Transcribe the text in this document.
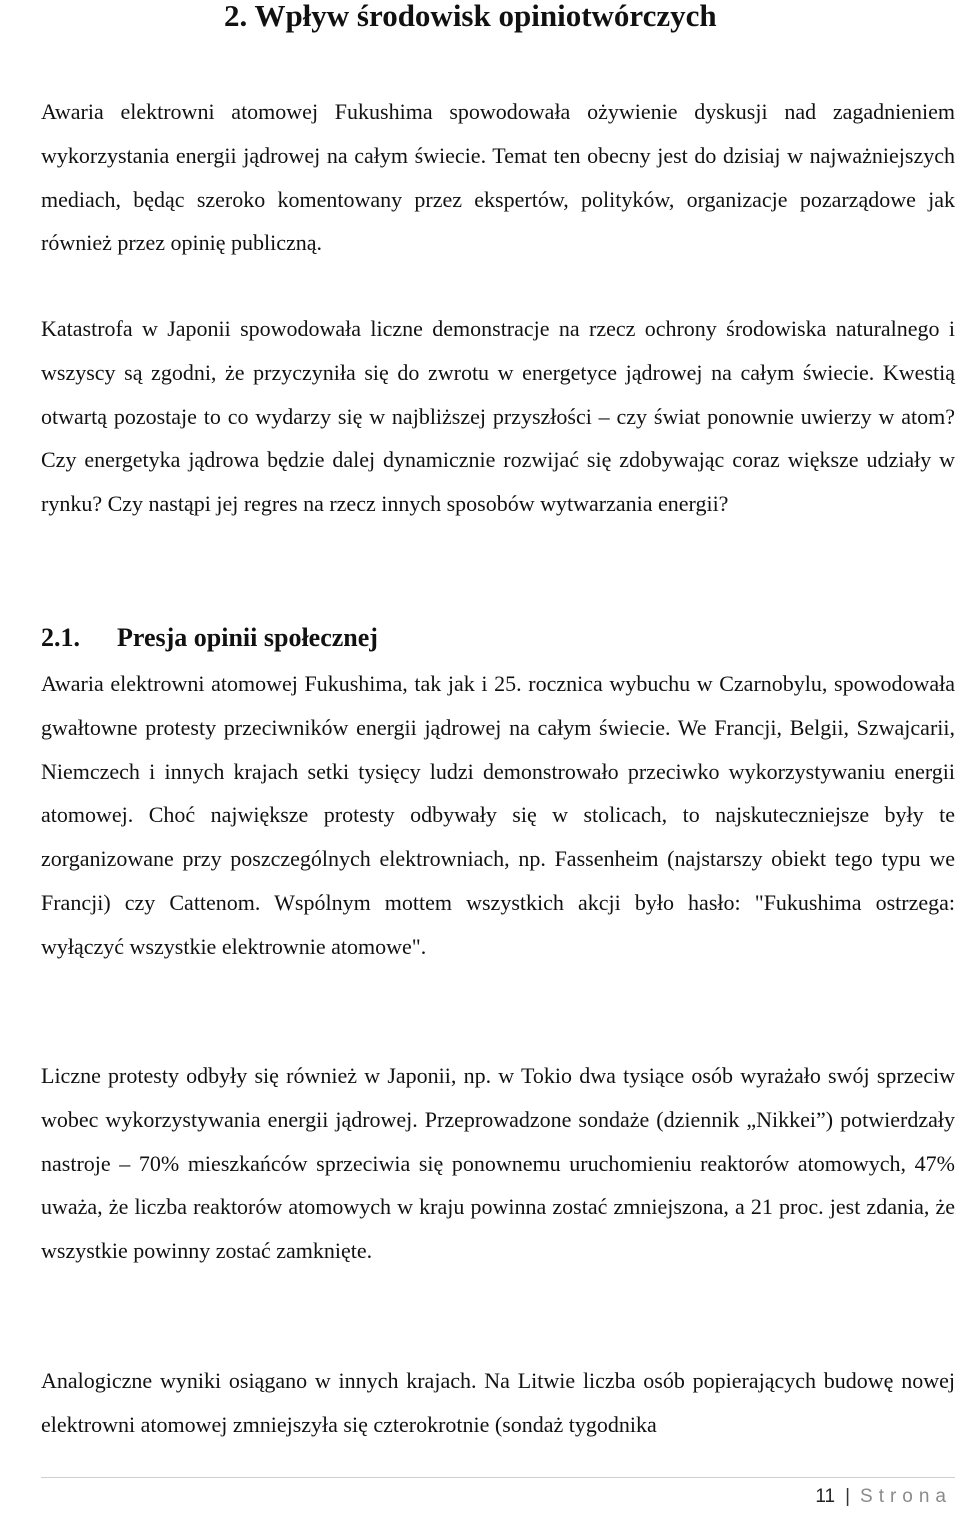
2. Wpływ środowisk opiniotwórczych

Awaria elektrowni atomowej Fukushima spowodowała ożywienie dyskusji nad zagadnieniem wykorzystania energii jądrowej na całym świecie. Temat ten obecny jest do dzisiaj w najważniejszych mediach, będąc szeroko komentowany przez ekspertów, polityków, organizacje pozarządowe jak również przez opinię publiczną.

Katastrofa w Japonii spowodowała liczne demonstracje na rzecz ochrony środowiska naturalnego i wszyscy są zgodni, że przyczyniła się do zwrotu w energetyce jądrowej na całym świecie. Kwestią otwartą pozostaje to co wydarzy się w najbliższej przyszłości – czy świat ponownie uwierzy w atom? Czy energetyka jądrowa będzie dalej dynamicznie rozwijać się zdobywając coraz większe udziały w rynku? Czy nastąpi jej regres na rzecz innych sposobów wytwarzania energii?

2.1. Presja opinii społecznej

Awaria elektrowni atomowej Fukushima, tak jak i 25. rocznica wybuchu w Czarnobylu, spowodowała gwałtowne protesty przeciwników energii jądrowej na całym świecie. We Francji, Belgii, Szwajcarii, Niemczech i innych krajach setki tysięcy ludzi demonstrowało przeciwko wykorzystywaniu energii atomowej. Choć największe protesty odbywały się w stolicach, to najskuteczniejsze były te zorganizowane przy poszczególnych elektrowniach, np. Fassenheim (najstarszy obiekt tego typu we Francji) czy Cattenom. Wspólnym mottem wszystkich akcji było hasło: "Fukushima ostrzega: wyłączyć wszystkie elektrownie atomowe".

Liczne protesty odbyły się również w Japonii, np. w Tokio dwa tysiące osób wyrażało swój sprzeciw wobec wykorzystywania energii jądrowej. Przeprowadzone sondaże (dziennik „Nikkei”) potwierdzały nastroje – 70% mieszkańców sprzeciwia się ponownemu uruchomieniu reaktorów atomowych, 47% uważa, że liczba reaktorów atomowych w kraju powinna zostać zmniejszona, a 21 proc. jest zdania, że wszystkie powinny zostać zamknięte.

Analogiczne wyniki osiągano w innych krajach. Na Litwie liczba osób popierających budowę nowej elektrowni atomowej zmniejszyła się czterokrotnie (sondaż tygodnika

11 | Strona
